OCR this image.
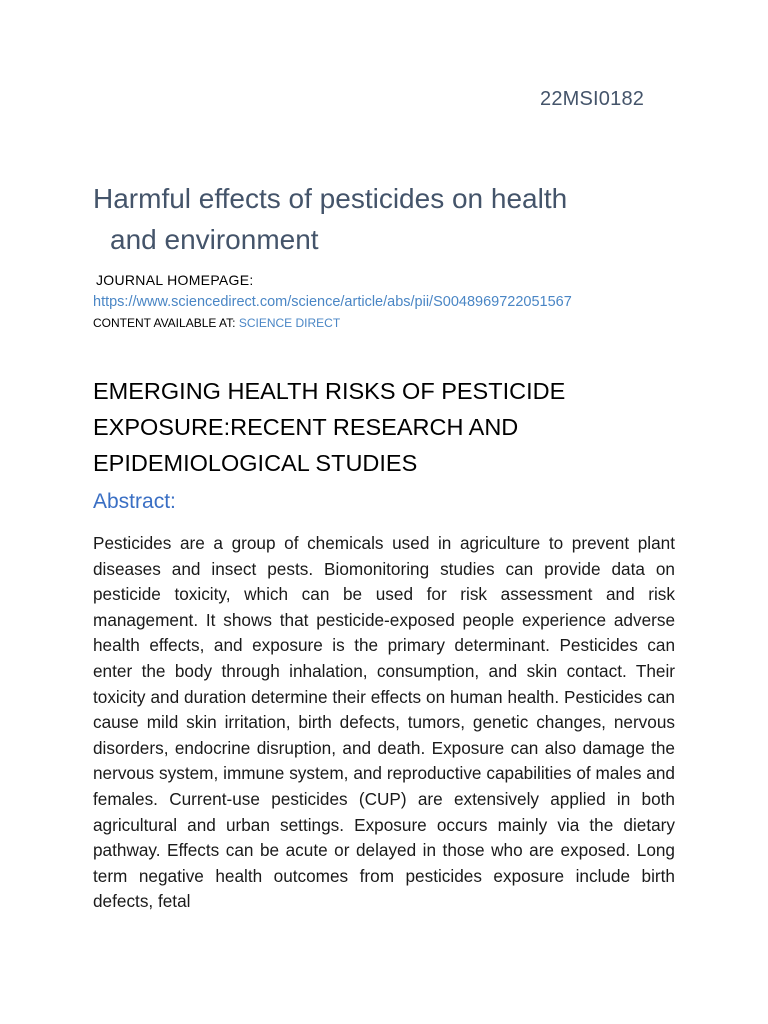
22MSI0182
Harmful effects of pesticides on health
and environment
JOURNAL HOMEPAGE:
https://www.sciencedirect.com/science/article/abs/pii/S0048969722051567
CONTENT AVAILABLE AT: SCIENCE DIRECT
EMERGING HEALTH RISKS OF PESTICIDE EXPOSURE:RECENT RESEARCH AND EPIDEMIOLOGICAL STUDIES
Abstract:

Pesticides are a group of chemicals used in agriculture to prevent plant diseases and insect pests. Biomonitoring studies can provide data on pesticide toxicity, which can be used for risk assessment and risk management. It shows that pesticide-exposed people experience adverse health effects, and exposure is the primary determinant. Pesticides can enter the body through inhalation, consumption, and skin contact. Their toxicity and duration determine their effects on human health. Pesticides can cause mild skin irritation, birth defects, tumors, genetic changes, nervous disorders, endocrine disruption, and death. Exposure can also damage the nervous system, immune system, and reproductive capabilities of males and females. Current-use pesticides (CUP) are extensively applied in both agricultural and urban settings. Exposure occurs mainly via the dietary pathway. Effects can be acute or delayed in those who are exposed. Long term negative health outcomes from pesticides exposure include birth defects, fetal
